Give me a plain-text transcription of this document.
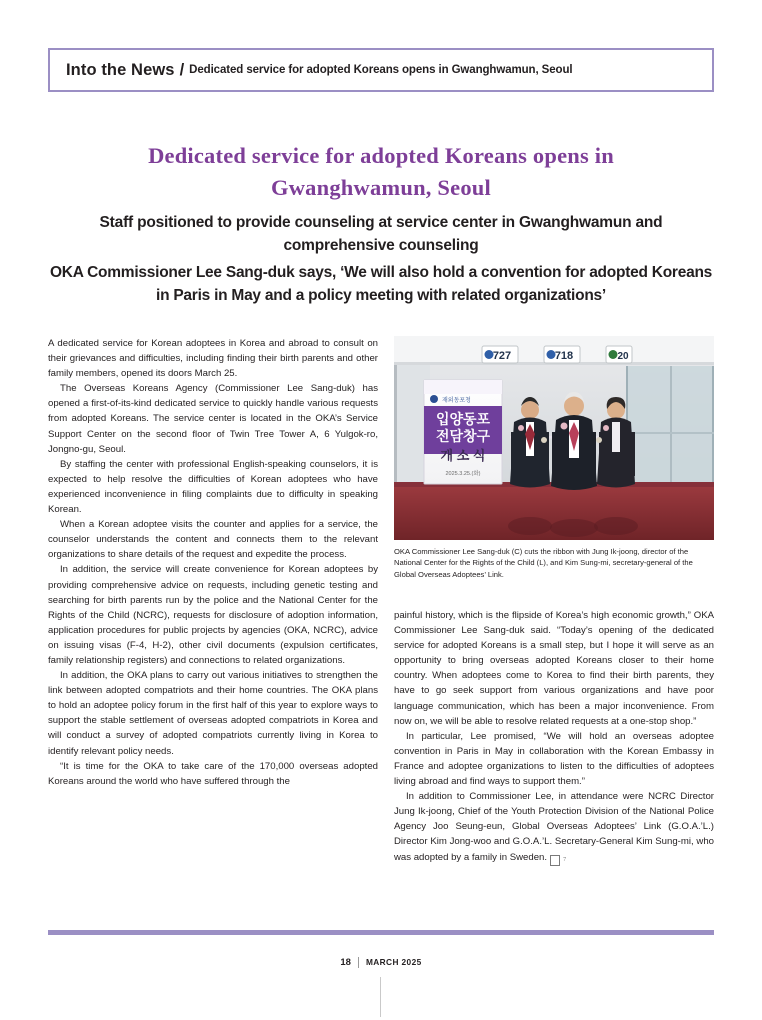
Into the News / Dedicated service for adopted Koreans opens in Gwanghwamun, Seoul
Dedicated service for adopted Koreans opens in Gwanghwamun, Seoul
Staff positioned to provide counseling at service center in Gwanghwamun and comprehensive counseling
OKA Commissioner Lee Sang-duk says, ‘We will also hold a convention for adopted Koreans in Paris in May and a policy meeting with related organizations’

A dedicated service for Korean adoptees in Korea and abroad to consult on their grievances and difficulties, including finding their birth parents and other family members, opened its doors March 25.

The Overseas Koreans Agency (Commissioner Lee Sang-duk) has opened a first-of-its-kind dedicated service to quickly handle various requests from adopted Koreans. The service center is located in the OKA’s Service Support Center on the second floor of Twin Tree Tower A, 6 Yulgok-ro, Jongno-gu, Seoul.

By staffing the center with professional English-speaking counselors, it is expected to help resolve the difficulties of Korean adoptees who have experienced inconvenience in filing complaints due to difficulty in speaking Korean.

When a Korean adoptee visits the counter and applies for a service, the counselor understands the content and connects them to the relevant organizations to share details of the request and expedite the process.

In addition, the service will create convenience for Korean adoptees by providing comprehensive advice on requests, including genetic testing and searching for birth parents run by the police and the National Center for the Rights of the Child (NCRC), requests for disclosure of adoption information, application procedures for public projects by agencies (OKA, NCRC), advice on issuing visas (F-4, H-2), other civil documents (expulsion certificates, family relationship registers) and connections to related organizations.

In addition, the OKA plans to carry out various initiatives to strengthen the link between adopted compatriots and their home countries. The OKA plans to hold an adoptee policy forum in the first half of this year to explore ways to support the stable settlement of overseas adopted compatriots in Korea and will conduct a survey of adopted compatriots currently living in Korea to identify relevant policy needs.

“It is time for the OKA to take care of the 170,000 overseas adopted Koreans around the world who have suffered through the

727	718	20
재외동포청
입양동포
전담창구
개 소 식
2025.3.25.(화)
OKA Commissioner Lee Sang-duk (C) cuts the ribbon with Jung Ik-joong, director of the National Center for the Rights of the Child (L), and Kim Sung-mi, secretary-general of the Global Overseas Adoptees’ Link.

painful history, which is the flipside of Korea’s high economic growth,” OKA Commissioner Lee Sang-duk said. “Today’s opening of the dedicated service for adopted Koreans is a small step, but I hope it will serve as an opportunity to bring overseas adopted Koreans closer to their home country. When adoptees come to Korea to find their birth parents, they have to go seek support from various organizations and have poor language communication, which has been a major inconvenience. From now on, we will be able to resolve related requests at a one-stop shop.”

In particular, Lee promised, “We will hold an overseas adoptee convention in Paris in May in collaboration with the Korean Embassy in France and adoptee organizations to listen to the difficulties of adoptees living abroad and find ways to support them.”

In addition to Commissioner Lee, in attendance were NCRC Director Jung Ik-joong, Chief of the Youth Protection Division of the National Police Agency Joo Seung-eun, Global Overseas Adoptees’ Link (G.O.A.’L.) Director Kim Jong-woo and G.O.A.’L. Secretary-General Kim Sung-mi, who was adopted by a family in Sweden.	7

18 MARCH 2025
